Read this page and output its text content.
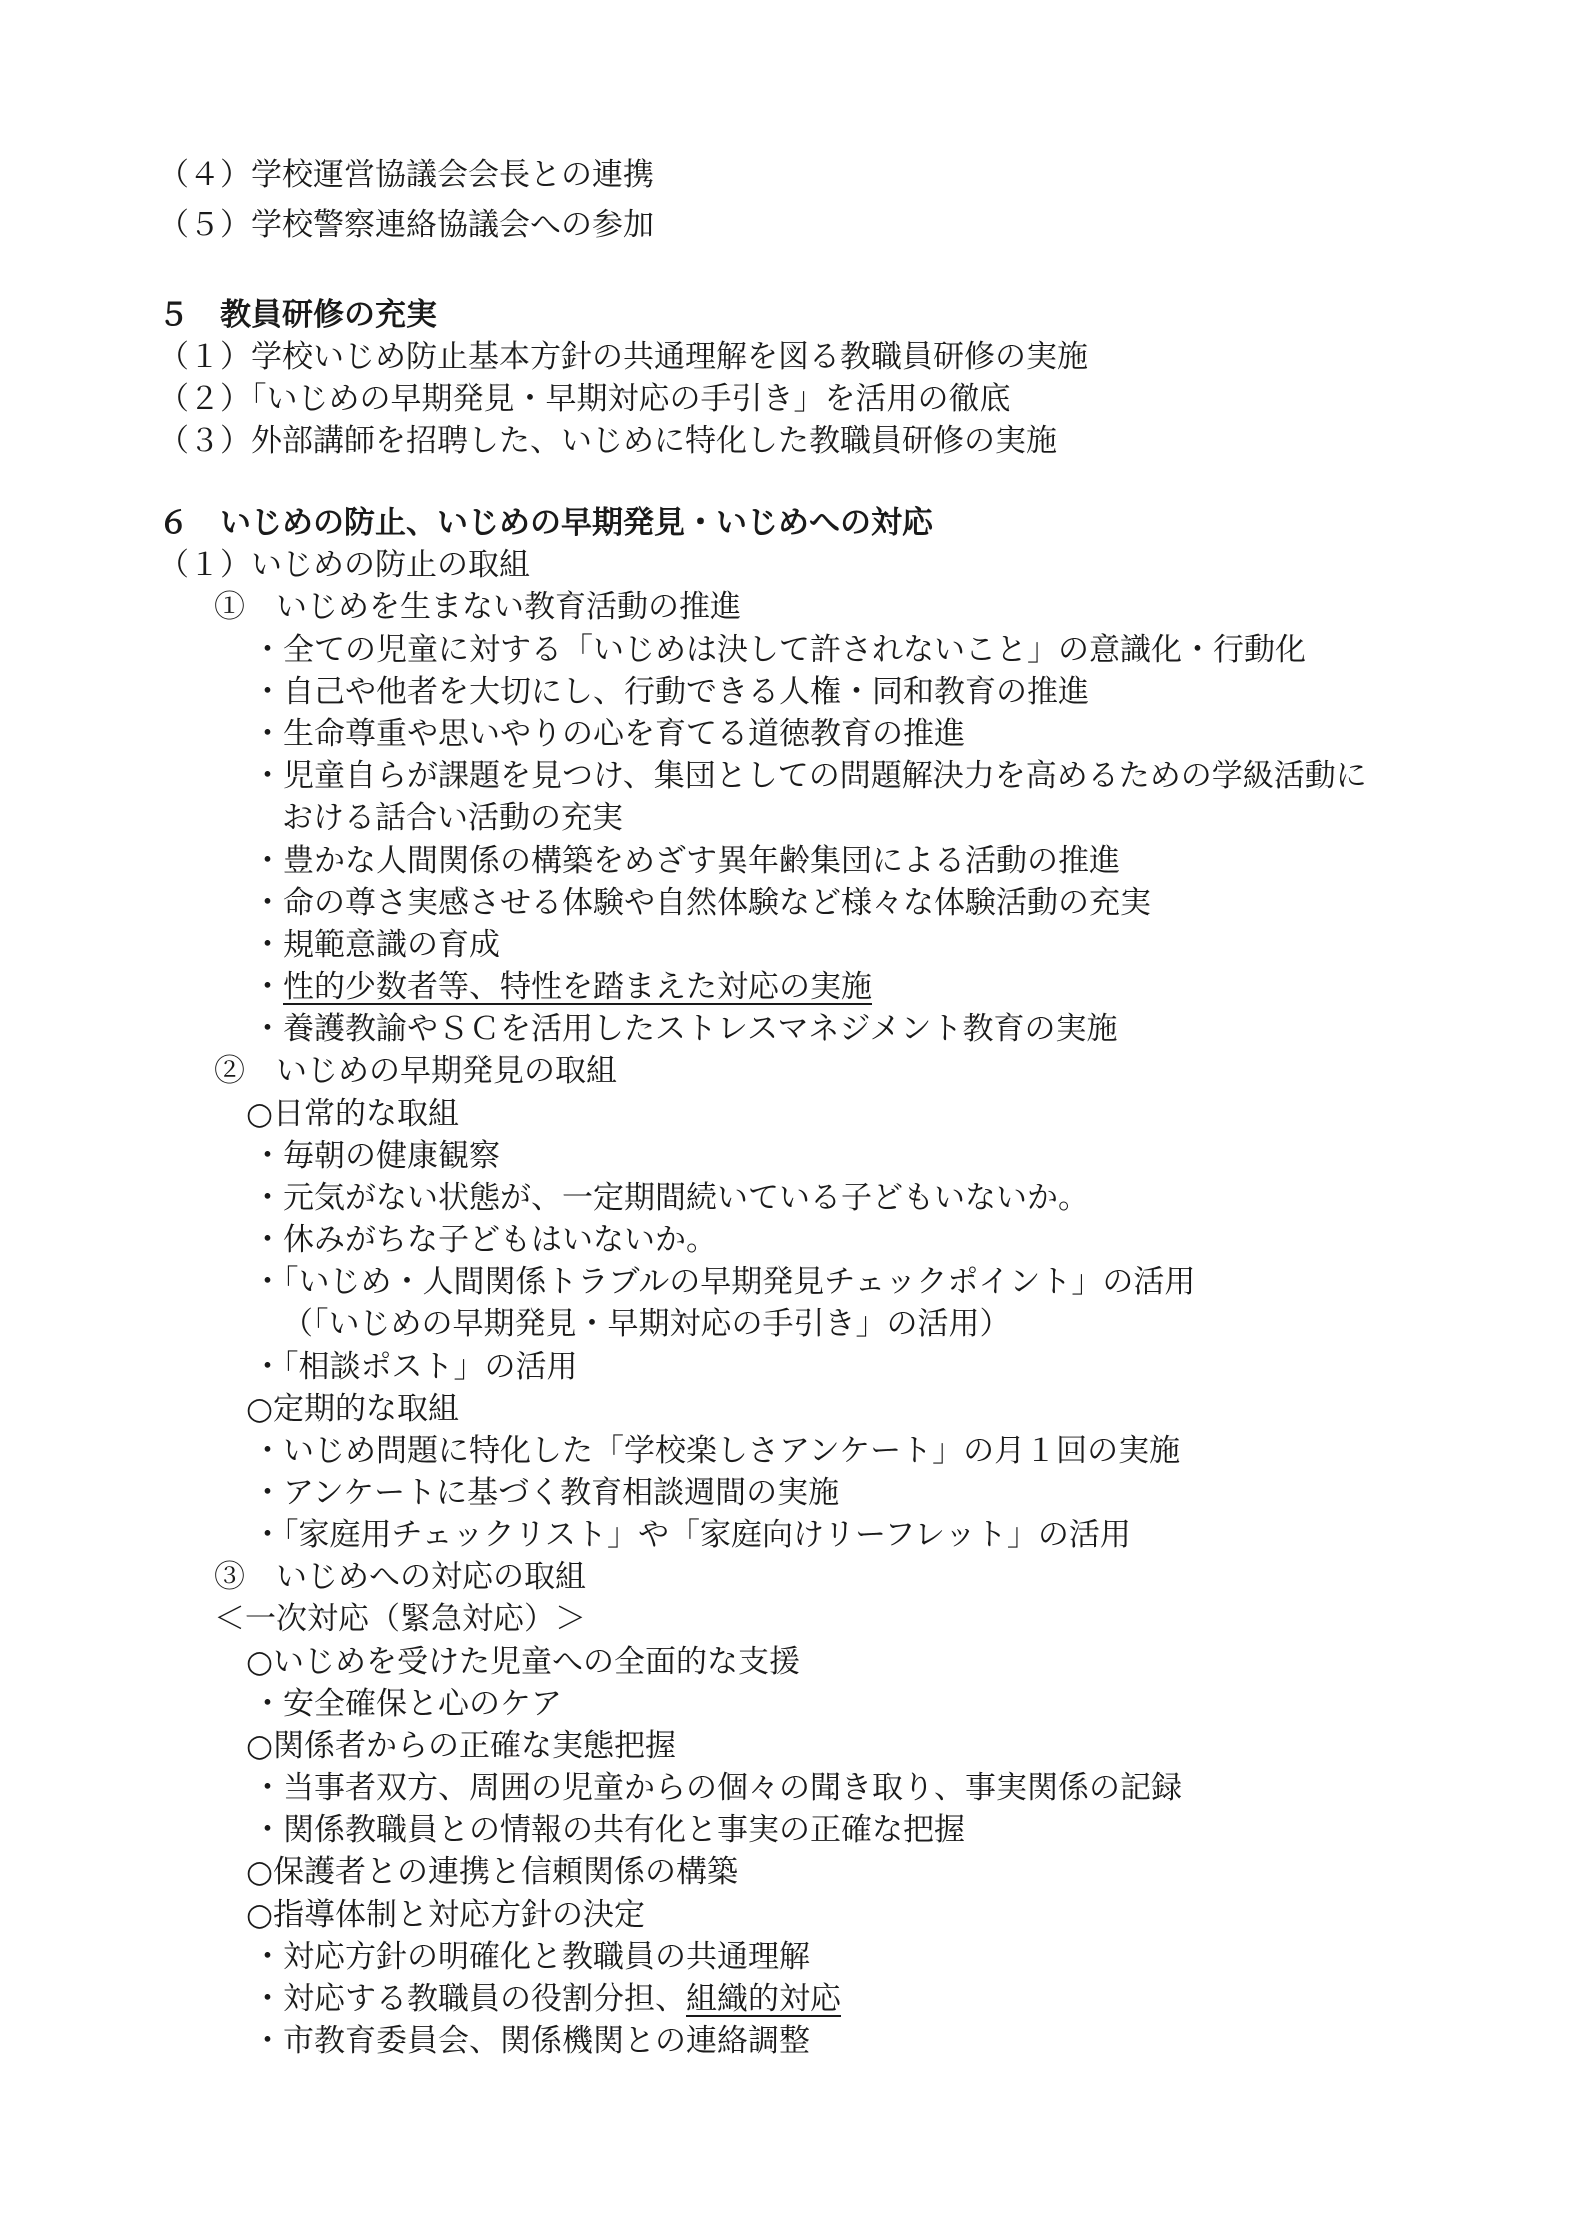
（４）学校運営協議会会長との連携
（５）学校警察連絡協議会への参加
５　教員研修の充実
（１）学校いじめ防止基本方針の共通理解を図る教職員研修の実施
（２）「いじめの早期発見・早期対応の手引き」を活用の徹底
（３）外部講師を招聘した、いじめに特化した教職員研修の実施
６　いじめの防止、いじめの早期発見・いじめへの対応
（１）いじめの防止の取組
①　いじめを生まない教育活動の推進
・全ての児童に対する「いじめは決して許されないこと」の意識化・行動化
・自己や他者を大切にし、行動できる人権・同和教育の推進
・生命尊重や思いやりの心を育てる道徳教育の推進
・児童自らが課題を見つけ、集団としての問題解決力を高めるための学級活動に
おける話合い活動の充実
・豊かな人間関係の構築をめざす異年齢集団による活動の推進
・命の尊さ実感させる体験や自然体験など様々な体験活動の充実
・規範意識の育成
・性的少数者等、特性を踏まえた対応の実施
・養護教諭やＳＣを活用したストレスマネジメント教育の実施
②　いじめの早期発見の取組
○日常的な取組
・毎朝の健康観察
・元気がない状態が、一定期間続いている子どもいないか。
・休みがちな子どもはいないか。
・「いじめ・人間関係トラブルの早期発見チェックポイント」の活用
（「いじめの早期発見・早期対応の手引き」の活用）
・「相談ポスト」の活用
○定期的な取組
・いじめ問題に特化した「学校楽しさアンケート」の月１回の実施
・アンケートに基づく教育相談週間の実施
・「家庭用チェックリスト」や「家庭向けリーフレット」の活用
③　いじめへの対応の取組
＜一次対応（緊急対応）＞
○いじめを受けた児童への全面的な支援
・安全確保と心のケア
○関係者からの正確な実態把握
・当事者双方、周囲の児童からの個々の聞き取り、事実関係の記録
・関係教職員との情報の共有化と事実の正確な把握
○保護者との連携と信頼関係の構築
○指導体制と対応方針の決定
・対応方針の明確化と教職員の共通理解
・対応する教職員の役割分担、組織的対応
・市教育委員会、関係機関との連絡調整
